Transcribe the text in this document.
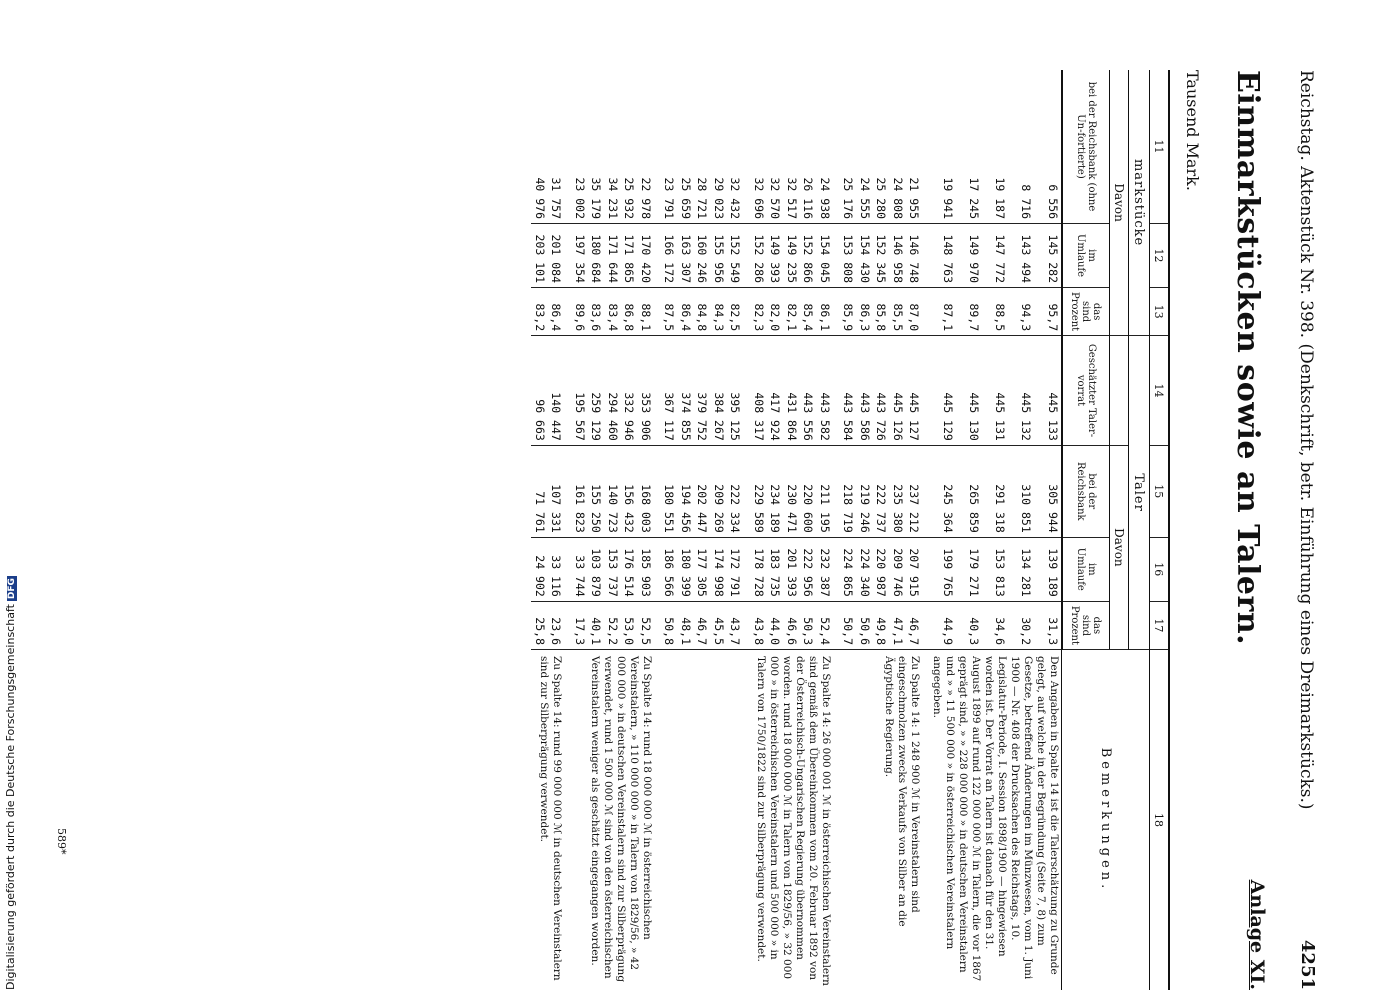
Reichstag. Aktenstück Nr. 398. (Denkschrift, betr. Einführung eines Dreimarkstücks.)
4251
Anlage XI.
Einmarkstücken sowie an Talern.
Tausend Mark.
11	12	13	14	15	16	17	18
markstücke			Taler				Bemerkungen.
Davon				Davon			
bei der Reichsbank (ohne Un-fortierte)	im Umlaufe	das sind Prozent	Geschätzter Taler-vorrat	bei der Reichsbank	im Umlaufe	das sind Prozent	
6 556	145 282	95,7	445 133	305 944	139 189	31,3	Den Angaben in Spalte 14 ist die Talerschätzung zu Grunde gelegt, auf welche in der Begründung (Seite 7, 8) zum Gesetze, betreffend Änderungen im Münzwesen, vom 1. Juni 1900 — Nr. 408 der Drucksachen des Reichstags, 10. Legislatur-Periode, I. Session 1898/1900 — hingewiesen worden ist. Der Vorrat an Talern ist danach für den 31. August 1899 auf rund 122 000 000 ℳ in Talern, die vor 1867 geprägt sind, » » 228 000 000 » in deutschen Vereinstalern und » » 11 500 000 » in österreichischen Vereinstalern angegeben.
8 716	143 494	94,3	445 132	310 851	134 281	30,2	
19 187	147 772	88,5	445 131	291 318	153 813	34,6	
17 245	149 970	89,7	445 130	265 859	179 271	40,3	
19 941	148 763	87,1	445 129	245 364	199 765	44,9	
21 955	146 748	87,0	445 127	237 212	207 915	46,7	Zu Spalte 14: 1 248 900 ℳ in Vereinstalern sind eingeschmolzen zwecks Verkaufs von Silber an die Ägyptische Regierung.
24 808	146 958	85,5	445 126	235 380	209 746	47,1	
25 280	152 345	85,8	443 726	222 737	220 987	49,8	
24 555	154 430	86,3	443 586	219 246	224 340	50,6	
25 176	153 808	85,9	443 584	218 719	224 865	50,7	
24 938	154 045	86,1	443 582	211 195	232 387	52,4	Zu Spalte 14: 26 000 001 ℳ in österreichischen Vereinstalern sind gemäß dem Übereinkommen vom 20. Februar 1892 von der Österreichisch-Ungarischen Regierung übernommen worden. rund 18 000 000 ℳ in Talern von 1829/56, » 32 000 000 » in österreichischen Vereinstalern und 500 000 » in Talern von 1750/1822 sind zur Silberprägung verwendet.
26 116	152 866	85,4	443 556	220 600	222 956	50,3	
32 517	149 235	82,1	431 864	230 471	201 393	46,6	
32 570	149 393	82,0	417 924	234 189	183 735	44,0	
32 696	152 286	82,3	408 317	229 589	178 728	43,8	
32 432	152 549	82,5	395 125	222 334	172 791	43,7	
29 023	155 956	84,3	384 267	209 269	174 998	45,5	
28 721	160 246	84,8	379 752	202 447	177 305	46,7	
25 659	163 307	86,4	374 855	194 456	180 399	48,1	
23 791	166 172	87,5	367 117	180 551	186 566	50,8	
22 978	170 420	88,1	353 906	168 003	185 903	52,5	Zu Spalte 14: rund 18 000 000 ℳ in österreichischen Vereinstalern, » 110 000 000 » in Talern von 1829/56, » 42 000 000 » in deutschen Vereinstalern sind zur Silberprägung verwendet, rund 1 500 000 ℳ sind von den österreichischen Vereinstalern weniger als geschätzt eingegangen worden.
25 932	171 865	86,8	332 946	156 432	176 514	53,0	
34 231	171 644	83,4	294 460	140 723	153 737	52,2	
35 179	180 684	83,6	259 129	155 250	103 879	40,1	
23 002	197 354	89,6	195 567	161 823	33 744	17,3	
31 757	201 084	86,4	140 447	107 331	33 116	23,6	Zu Spalte 14: rund 99 000 000 ℳ in deutschen Vereinstalern sind zur Silberprägung verwendet.
40 976	203 101	83,2	96 663	71 761	24 902	25,8	
Digitalisierung gefördert durch die Deutsche ForschungsgemeinschaftDFG
589*
